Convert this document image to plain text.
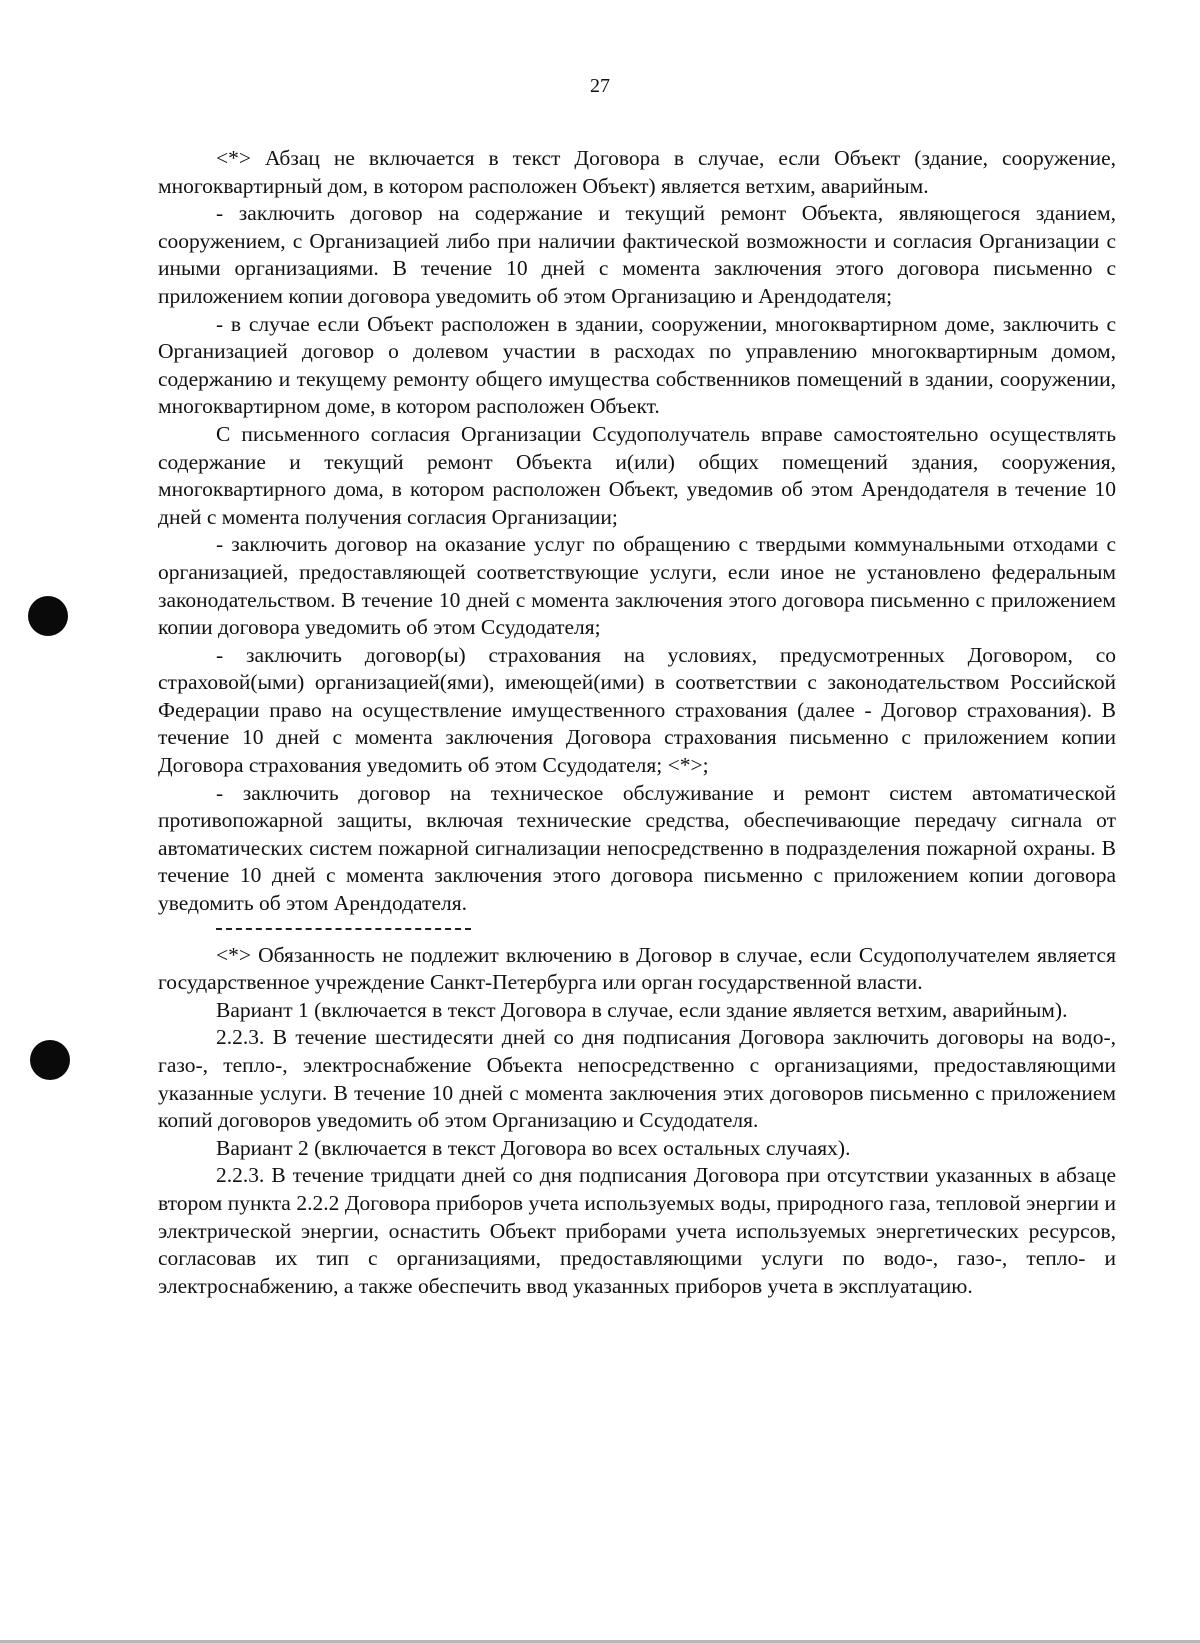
27

<*> Абзац не включается в текст Договора в случае, если Объект (здание, сооружение, многоквартирный дом, в котором расположен Объект) является ветхим, аварийным.

- заключить договор на содержание и текущий ремонт Объекта, являющегося зданием, сооружением, с Организацией либо при наличии фактической возможности и согласия Организации с иными организациями. В течение 10 дней с момента заключения этого договора письменно с приложением копии договора уведомить об этом Организацию и Арендодателя;

- в случае если Объект расположен в здании, сооружении, многоквартирном доме, заключить с Организацией договор о долевом участии в расходах по управлению многоквартирным домом, содержанию и текущему ремонту общего имущества собственников помещений в здании, сооружении, многоквартирном доме, в котором расположен Объект.

С письменного согласия Организации Ссудополучатель вправе самостоятельно осуществлять содержание и текущий ремонт Объекта и(или) общих помещений здания, сооружения, многоквартирного дома, в котором расположен Объект, уведомив об этом Арендодателя в течение 10 дней с момента получения согласия Организации;

- заключить договор на оказание услуг по обращению с твердыми коммунальными отходами с организацией, предоставляющей соответствующие услуги, если иное не установлено федеральным законодательством. В течение 10 дней с момента заключения этого договора письменно с приложением копии договора уведомить об этом Ссудодателя;

- заключить договор(ы) страхования на условиях, предусмотренных Договором, со страховой(ыми) организацией(ями), имеющей(ими) в соответствии с законодательством Российской Федерации право на осуществление имущественного страхования (далее - Договор страхования). В течение 10 дней с момента заключения Договора страхования письменно с приложением копии Договора страхования уведомить об этом Ссудодателя; <*>;

- заключить договор на техническое обслуживание и ремонт систем автоматической противопожарной защиты, включая технические средства, обеспечивающие передачу сигнала от автоматических систем пожарной сигнализации непосредственно в подразделения пожарной охраны. В течение 10 дней с момента заключения этого договора письменно с приложением копии договора уведомить об этом Арендодателя.

<*> Обязанность не подлежит включению в Договор в случае, если Ссудополучателем является государственное учреждение Санкт-Петербурга или орган государственной власти.

Вариант 1 (включается в текст Договора в случае, если здание является ветхим, аварийным).

2.2.3. В течение шестидесяти дней со дня подписания Договора заключить договоры на водо-, газо-, тепло-, электроснабжение Объекта непосредственно с организациями, предоставляющими указанные услуги. В течение 10 дней с момента заключения этих договоров письменно с приложением копий договоров уведомить об этом Организацию и Ссудодателя.

Вариант 2 (включается в текст Договора во всех остальных случаях).

2.2.3. В течение тридцати дней со дня подписания Договора при отсутствии указанных в абзаце втором пункта 2.2.2 Договора приборов учета используемых воды, природного газа, тепловой энергии и электрической энергии, оснастить Объект приборами учета используемых энергетических ресурсов, согласовав их тип с организациями, предоставляющими услуги по водо-, газо-, тепло- и электроснабжению, а также обеспечить ввод указанных приборов учета в эксплуатацию.
